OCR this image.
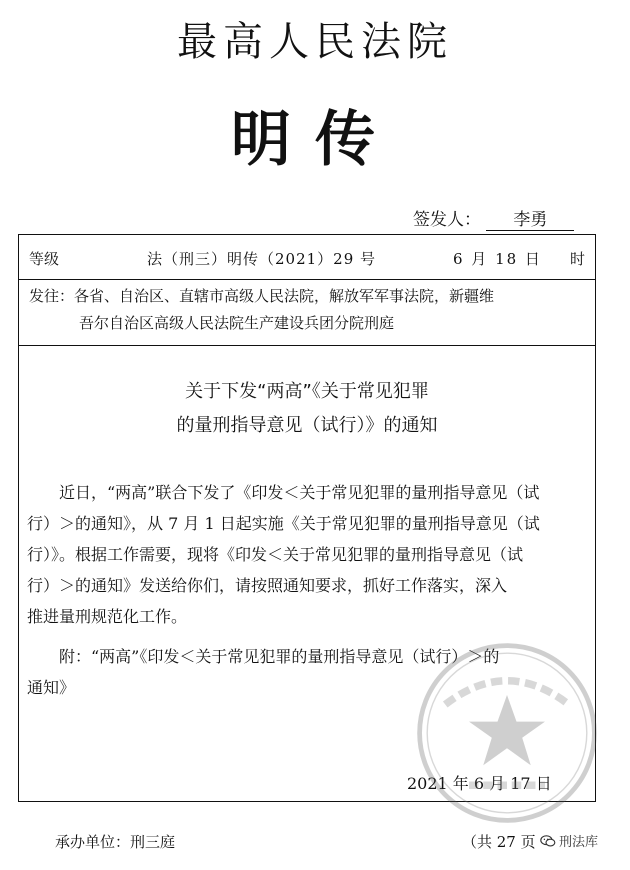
最高人民法院
明传
签发人： 李勇
等级	法（刑三）明传（2021）29 号	6 月 18 日 时
发往：各省、自治区、直辖市高级人民法院，解放军军事法院，新疆维
吾尔自治区高级人民法院生产建设兵团分院刑庭
关于下发“两高”《关于常见犯罪
的量刑指导意见（试行）》的通知
近日，“两高”联合下发了《印发＜关于常见犯罪的量刑指导意见（试
行）＞的通知》，从 7 月 1 日起实施《关于常见犯罪的量刑指导意见（试
行）》。根据工作需要，现将《印发＜关于常见犯罪的量刑指导意见（试
行）＞的通知》发送给你们，请按照通知要求，抓好工作落实，深入
推进量刑规范化工作。
附：“两高”《印发＜关于常见犯罪的量刑指导意见（试行）＞的
通知》
2021 年 6 月 17 日
承办单位：刑三庭	（共 27 页 刑法库
